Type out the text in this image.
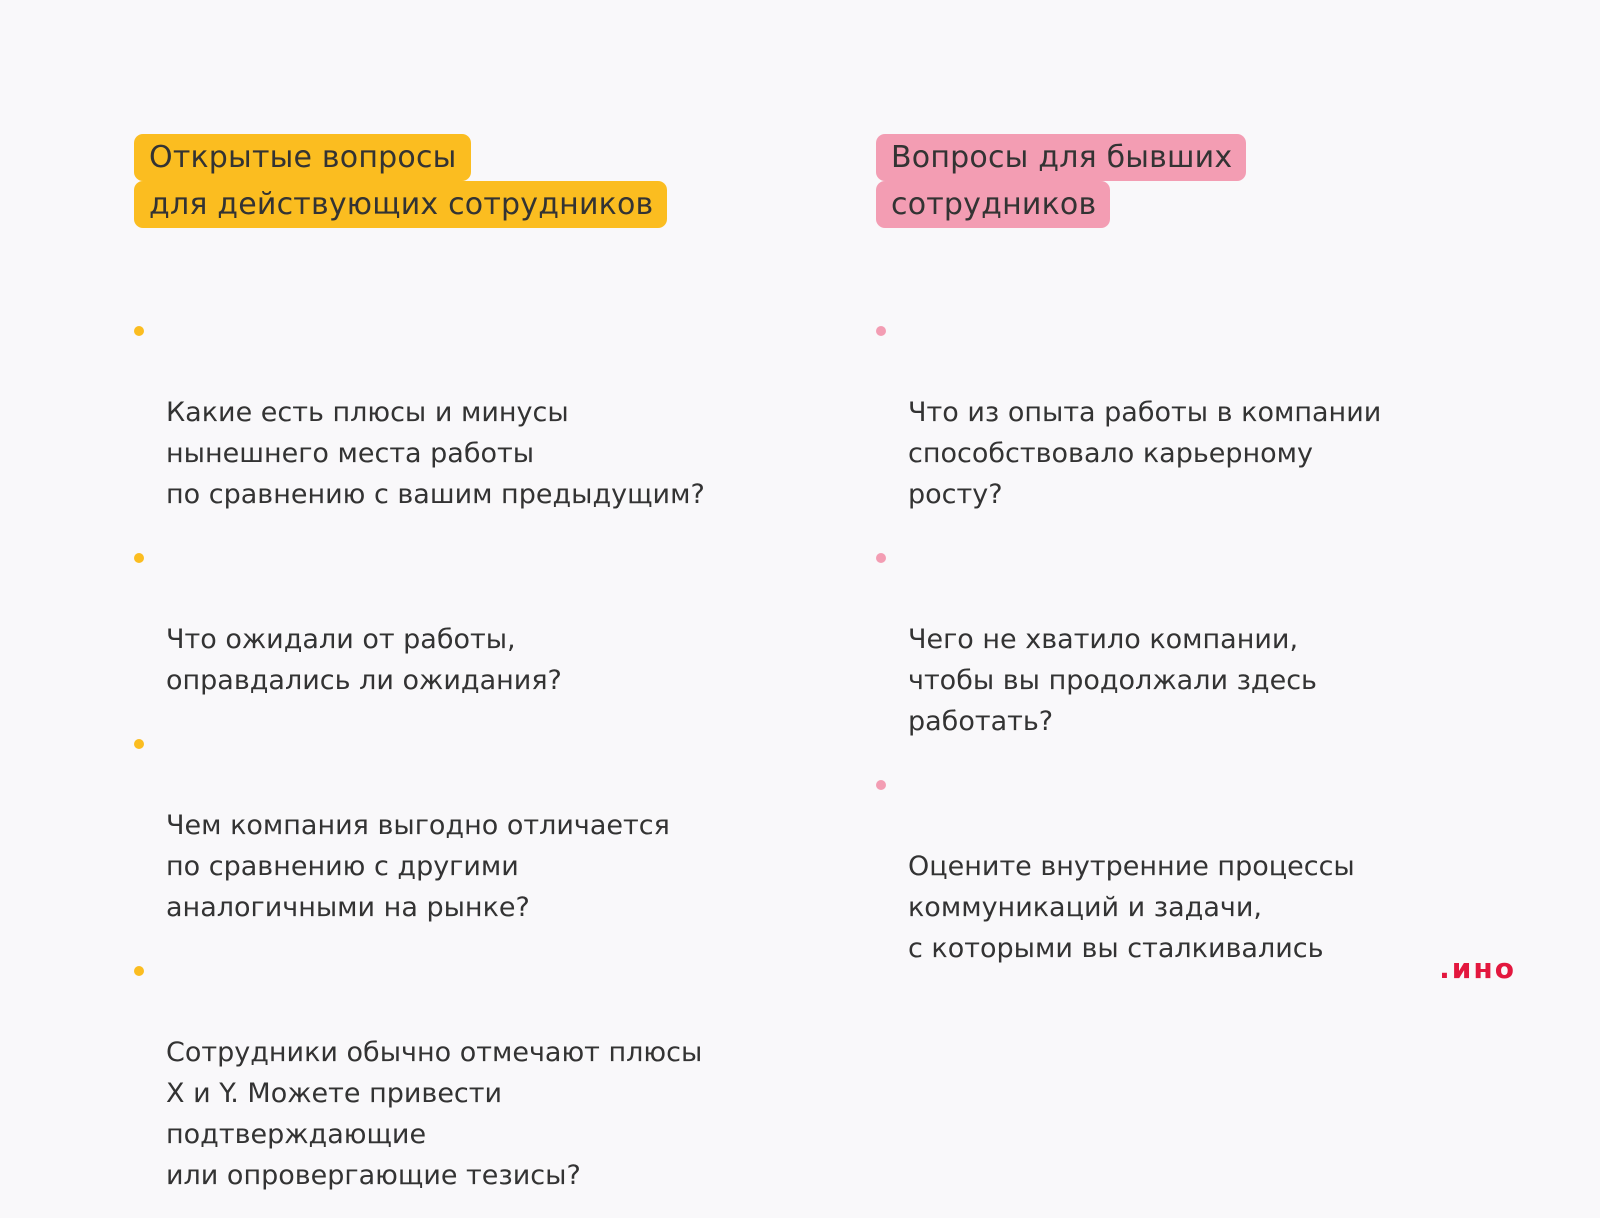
Открытые вопросы
для действующих сотрудников

Какие есть плюсы и минусы
нынешнего места работы
по сравнению с вашим предыдущим?

Что ожидали от работы,
оправдались ли ожидания?

Чем компания выгодно отличается
по сравнению с другими
аналогичными на рынке?

Сотрудники обычно отмечают плюсы
X и Y. Можете привести
подтверждающие
или опровергающие тезисы?

Вопросы для бывших
сотрудников

Что из опыта работы в компании
способствовало карьерному
росту?

Чего не хватило компании,
чтобы вы продолжали здесь
работать?

Оцените внутренние процессы
коммуникаций и задачи,
с которыми вы сталкивались

.ино
